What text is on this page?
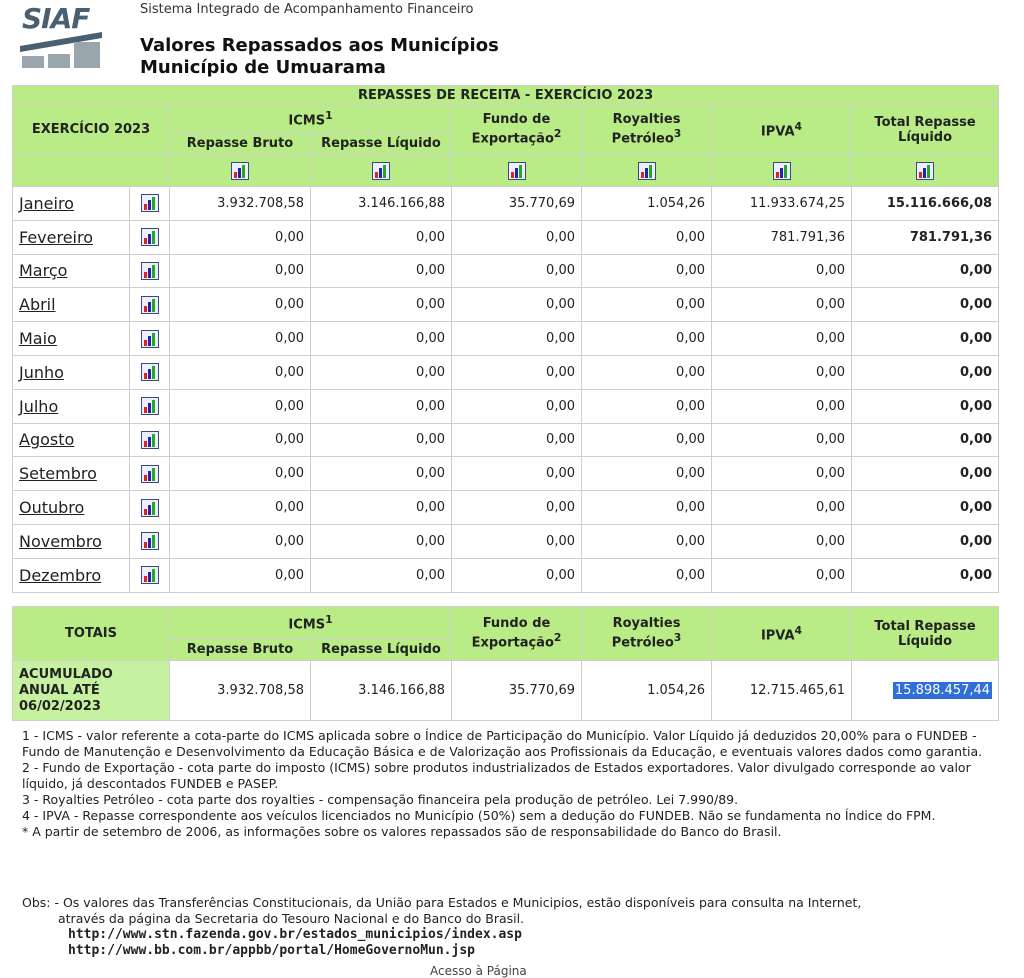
SIAF	Sistema Integrado de Acompanhamento Financeiro
Valores Repassados aos Municípios
Município de Umuarama
REPASSES DE RECEITA - EXERCÍCIO 2023							
EXERCÍCIO 2023		ICMS$^1$		Fundo de
Exportação$^2$	Royalties
Petróleo$^3$	IPVA$^4$	Total Repasse
Líquido
		Repasse Bruto	Repasse Líquido				

Janeiro		3.932.708,58	3.146.166,88	35.770,69	1.054,26	11.933.674,25	15.116.666,08
Fevereiro		0,00	0,00	0,00	0,00	781.791,36	781.791,36
Março		0,00	0,00	0,00	0,00	0,00	0,00
Abril		0,00	0,00	0,00	0,00	0,00	0,00
Maio		0,00	0,00	0,00	0,00	0,00	0,00
Junho		0,00	0,00	0,00	0,00	0,00	0,00
Julho		0,00	0,00	0,00	0,00	0,00	0,00
Agosto		0,00	0,00	0,00	0,00	0,00	0,00
Setembro		0,00	0,00	0,00	0,00	0,00	0,00
Outubro		0,00	0,00	0,00	0,00	0,00	0,00
Novembro		0,00	0,00	0,00	0,00	0,00	0,00
Dezembro		0,00	0,00	0,00	0,00	0,00	0,00
TOTAIS	ICMS$^1$		Fundo de
Exportação$^2$	Royalties
Petróleo$^3$	IPVA$^4$	Total Repasse
Líquido
	Repasse Bruto	Repasse Líquido				
ACUMULADO
ANUAL ATÉ
06/02/2023	3.932.708,58	3.146.166,88	35.770,69	1.054,26	12.715.465,61	15.898.457,44

1 - ICMS - valor referente a cota-parte do ICMS aplicada sobre o Índice de Participação do Município. Valor Líquido já deduzidos 20,00% para o FUNDEB - Fundo de Manutenção e Desenvolvimento da Educação Básica e de Valorização aos Profissionais da Educação, e eventuais valores dados como garantia.

2 - Fundo de Exportação - cota parte do imposto (ICMS) sobre produtos industrializados de Estados exportadores. Valor divulgado corresponde ao valor líquido, já descontados FUNDEB e PASEP.

3 - Royalties Petróleo - cota parte dos royalties - compensação financeira pela produção de petróleo. Lei 7.990/89.

4 - IPVA - Repasse correspondente aos veículos licenciados no Município (50%) sem a dedução do FUNDEB. Não se fundamenta no Índice do FPM.

* A partir de setembro de 2006, as informações sobre os valores repassados são de responsabilidade do Banco do Brasil.

Obs: - Os valores das Transferências Constitucionais, da União para Estados e Municipios, estão disponíveis para consulta na Internet,
através da página da Secretaria do Tesouro Nacional e do Banco do Brasil.
http://www.stn.fazenda.gov.br/estados_municipios/index.asp
http://www.bb.com.br/appbb/portal/HomeGovernoMun.jsp
Acesso à Página
